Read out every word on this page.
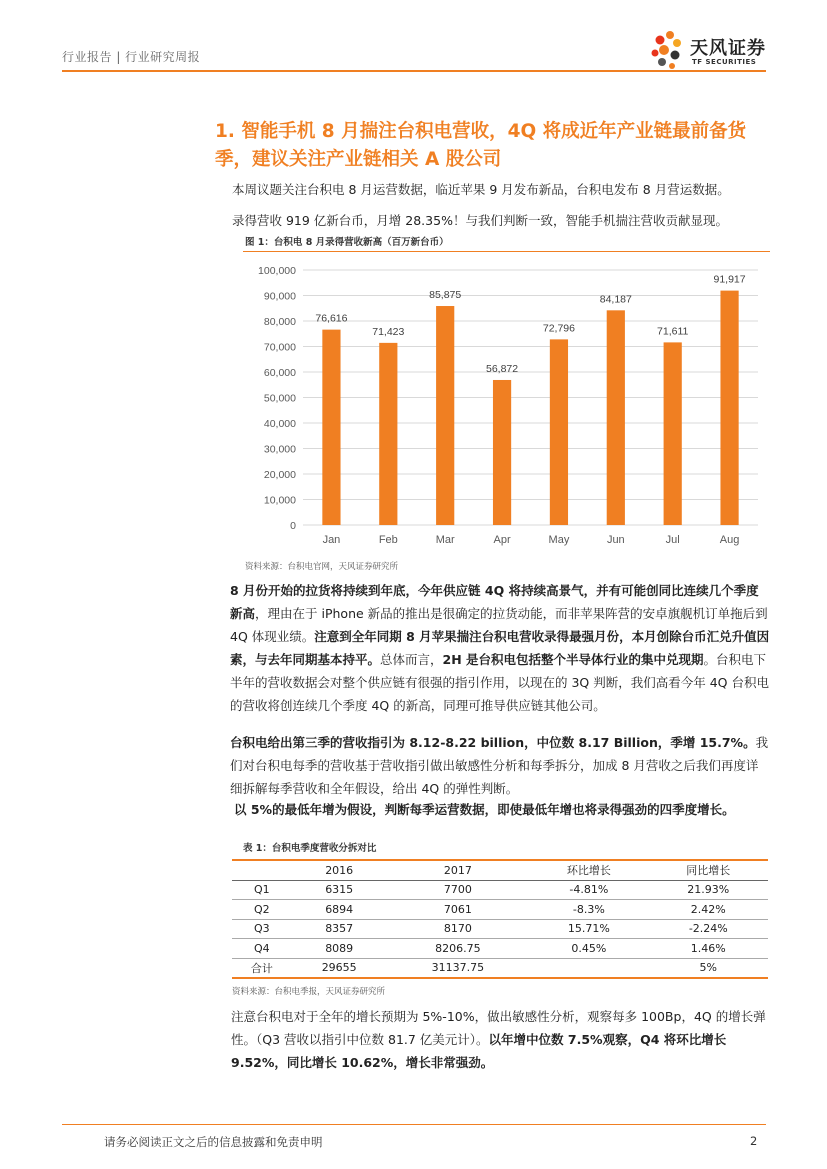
行业报告 | 行业研究周报	天风证券
TF SECURITIES
1. 智能手机 8 月揣注台积电营收，4Q 将成近年产业链最前备货季，建议关注产业链相关 A 股公司
本周议题关注台积电 8 月运营数据，临近苹果 9 月发布新品，台积电发布 8 月营运数据。
录得营收 919 亿新台币，月增 28.35%！与我们判断一致，智能手机揣注营收贡献显现。
图 1：台积电 8 月录得营收新高（百万新台币）
0
10,000
20,000
30,000
40,000
50,000
60,000
70,000
80,000
90,000
100,000
76,616
Jan
71,423
Feb
85,875
Mar
56,872
Apr
72,796
May
84,187
Jun
71,611
Jul
91,917
Aug
资料来源：台积电官网，天风证券研究所
8 月份开始的拉货将持续到年底，今年供应链 4Q 将持续高景气，并有可能创同比连续几个季度新高，理由在于 iPhone 新品的推出是很确定的拉货动能，而非苹果阵营的安卓旗舰机订单拖后到 4Q 体现业绩。注意到全年同期 8 月苹果揣注台积电营收录得最强月份，本月创除台币汇兑升值因素，与去年同期基本持平。总体而言，2H 是台积电包括整个半导体行业的集中兑现期。台积电下半年的营收数据会对整个供应链有很强的指引作用，以现在的 3Q 判断，我们高看今年 4Q 台积电的营收将创连续几个季度 4Q 的新高，同理可推导供应链其他公司。
台积电给出第三季的营收指引为 8.12-8.22 billion，中位数 8.17 Billion，季增 15.7%。我们对台积电每季的营收基于营收指引做出敏感性分析和每季拆分，加成 8 月营收之后我们再度详细拆解每季营收和全年假设，给出 4Q 的弹性判断。
以 5%的最低年增为假设，判断每季运营数据，即使最低年增也将录得强劲的四季度增长。
表 1：台积电季度营收分拆对比
	2016	2017	环比增长	同比增长
Q1	6315	7700	-4.81%	21.93%
Q2	6894	7061	-8.3%	2.42%
Q3	8357	8170	15.71%	-2.24%
Q4	8089	8206.75	0.45%	1.46%
合计	29655	31137.75		5%
资料来源：台积电季报，天风证券研究所
注意台积电对于全年的增长预期为 5%-10%，做出敏感性分析，观察每多 100Bp，4Q 的增长弹性。（Q3 营收以指引中位数 81.7 亿美元计）。以年增中位数 7.5%观察，Q4 将环比增长 9.52%，同比增长 10.62%，增长非常强劲。
请务必阅读正文之后的信息披露和免责申明	2
